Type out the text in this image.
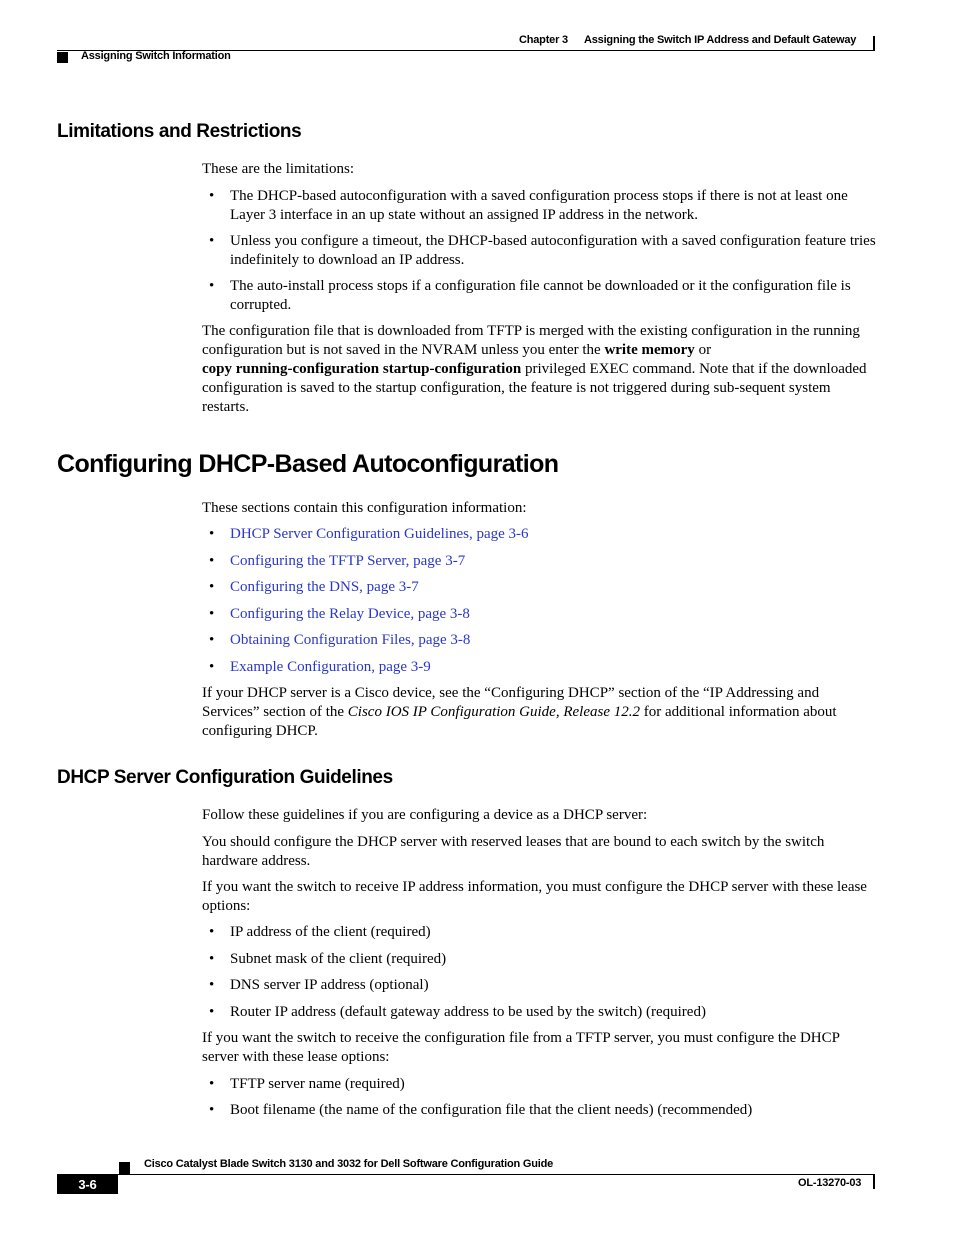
Chapter 3 Assigning the Switch IP Address and Default Gateway
Assigning Switch Information
Limitations and Restrictions
These are the limitations:
• The DHCP-based autoconfiguration with a saved configuration process stops if there is not at least one Layer 3 interface in an up state without an assigned IP address in the network.
• Unless you configure a timeout, the DHCP-based autoconfiguration with a saved configuration feature tries indefinitely to download an IP address.
• The auto-install process stops if a configuration file cannot be downloaded or it the configuration file is corrupted.
The configuration file that is downloaded from TFTP is merged with the existing configuration in the running configuration but is not saved in the NVRAM unless you enter the write memory or
copy running-configuration startup-configuration privileged EXEC command. Note that if the downloaded configuration is saved to the startup configuration, the feature is not triggered during sub-sequent system restarts.
Configuring DHCP-Based Autoconfiguration
These sections contain this configuration information:
• DHCP Server Configuration Guidelines, page 3-6
• Configuring the TFTP Server, page 3-7
• Configuring the DNS, page 3-7
• Configuring the Relay Device, page 3-8
• Obtaining Configuration Files, page 3-8
• Example Configuration, page 3-9
If your DHCP server is a Cisco device, see the “Configuring DHCP” section of the “IP Addressing and Services” section of the Cisco IOS IP Configuration Guide, Release 12.2 for additional information about configuring DHCP.
DHCP Server Configuration Guidelines
Follow these guidelines if you are configuring a device as a DHCP server:
You should configure the DHCP server with reserved leases that are bound to each switch by the switch hardware address.
If you want the switch to receive IP address information, you must configure the DHCP server with these lease options:
• IP address of the client (required)
• Subnet mask of the client (required)
• DNS server IP address (optional)
• Router IP address (default gateway address to be used by the switch) (required)
If you want the switch to receive the configuration file from a TFTP server, you must configure the DHCP server with these lease options:
• TFTP server name (required)
• Boot filename (the name of the configuration file that the client needs) (recommended)
Cisco Catalyst Blade Switch 3130 and 3032 for Dell Software Configuration Guide
3-6	OL-13270-03
